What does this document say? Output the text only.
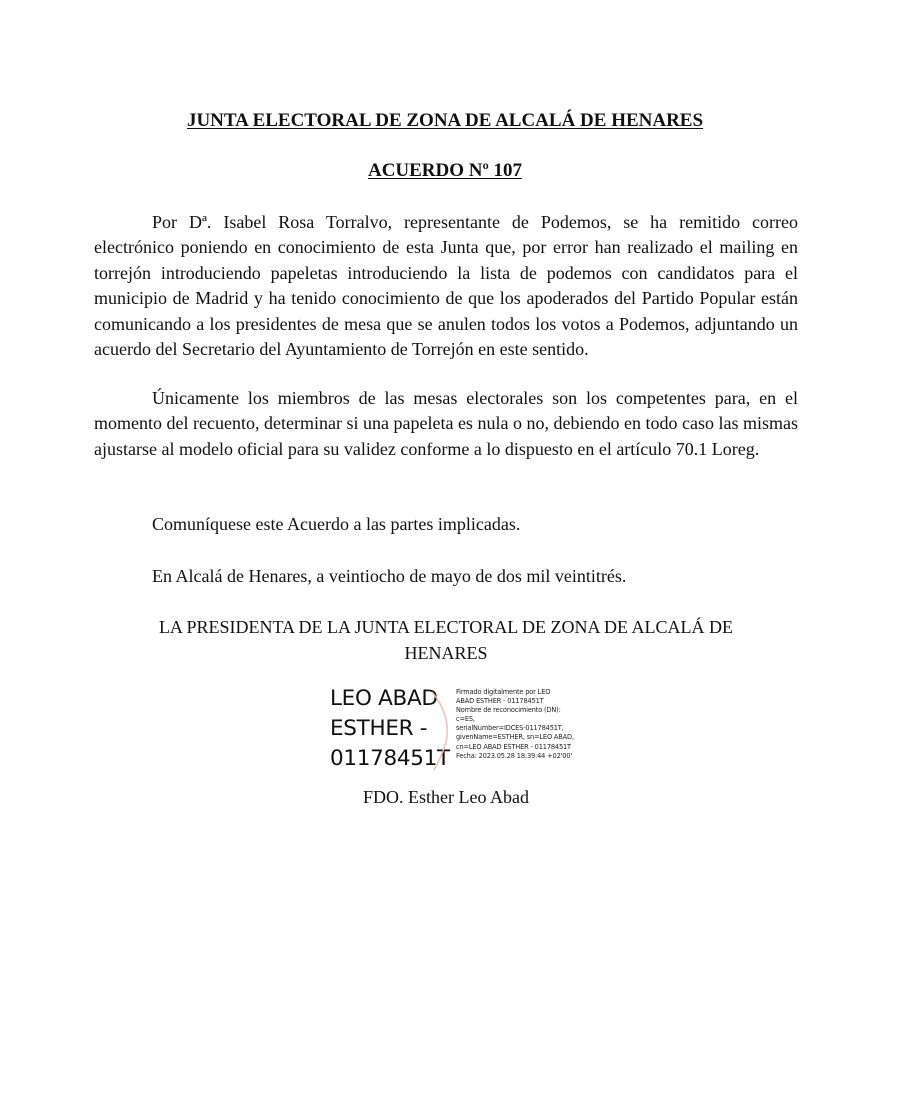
JUNTA ELECTORAL DE ZONA DE ALCALÁ DE HENARES
ACUERDO Nº 107

Por Dª. Isabel Rosa Torralvo, representante de Podemos, se ha remitido correo electrónico poniendo en conocimiento de esta Junta que, por error han realizado el mailing en torrejón introduciendo papeletas introduciendo la lista de podemos con candidatos para el municipio de Madrid y ha tenido conocimiento de que los apoderados del Partido Popular están comunicando a los presidentes de mesa que se anulen todos los votos a Podemos, adjuntando un acuerdo del Secretario del Ayuntamiento de Torrejón en este sentido.

Únicamente los miembros de las mesas electorales son los competentes para, en el momento del recuento, determinar si una papeleta es nula o no, debiendo en todo caso las mismas ajustarse al modelo oficial para su validez conforme a lo dispuesto en el artículo 70.1 Loreg.

Comuníquese este Acuerdo a las partes implicadas.

En Alcalá de Henares, a veintiocho de mayo de dos mil veintitrés.

LA PRESIDENTA DE LA JUNTA ELECTORAL DE ZONA DE ALCALÁ DE HENARES
LEO ABAD
ESTHER -
01178451T
Firmado digitalmente por LEO
ABAD ESTHER - 01178451T
Nombre de reconocimiento (DN):
c=ES,
serialNumber=IDCES-01178451T,
givenName=ESTHER, sn=LEO ABAD,
cn=LEO ABAD ESTHER - 01178451T
Fecha: 2023.05.28 18:39:44 +02'00'
FDO. Esther Leo Abad
